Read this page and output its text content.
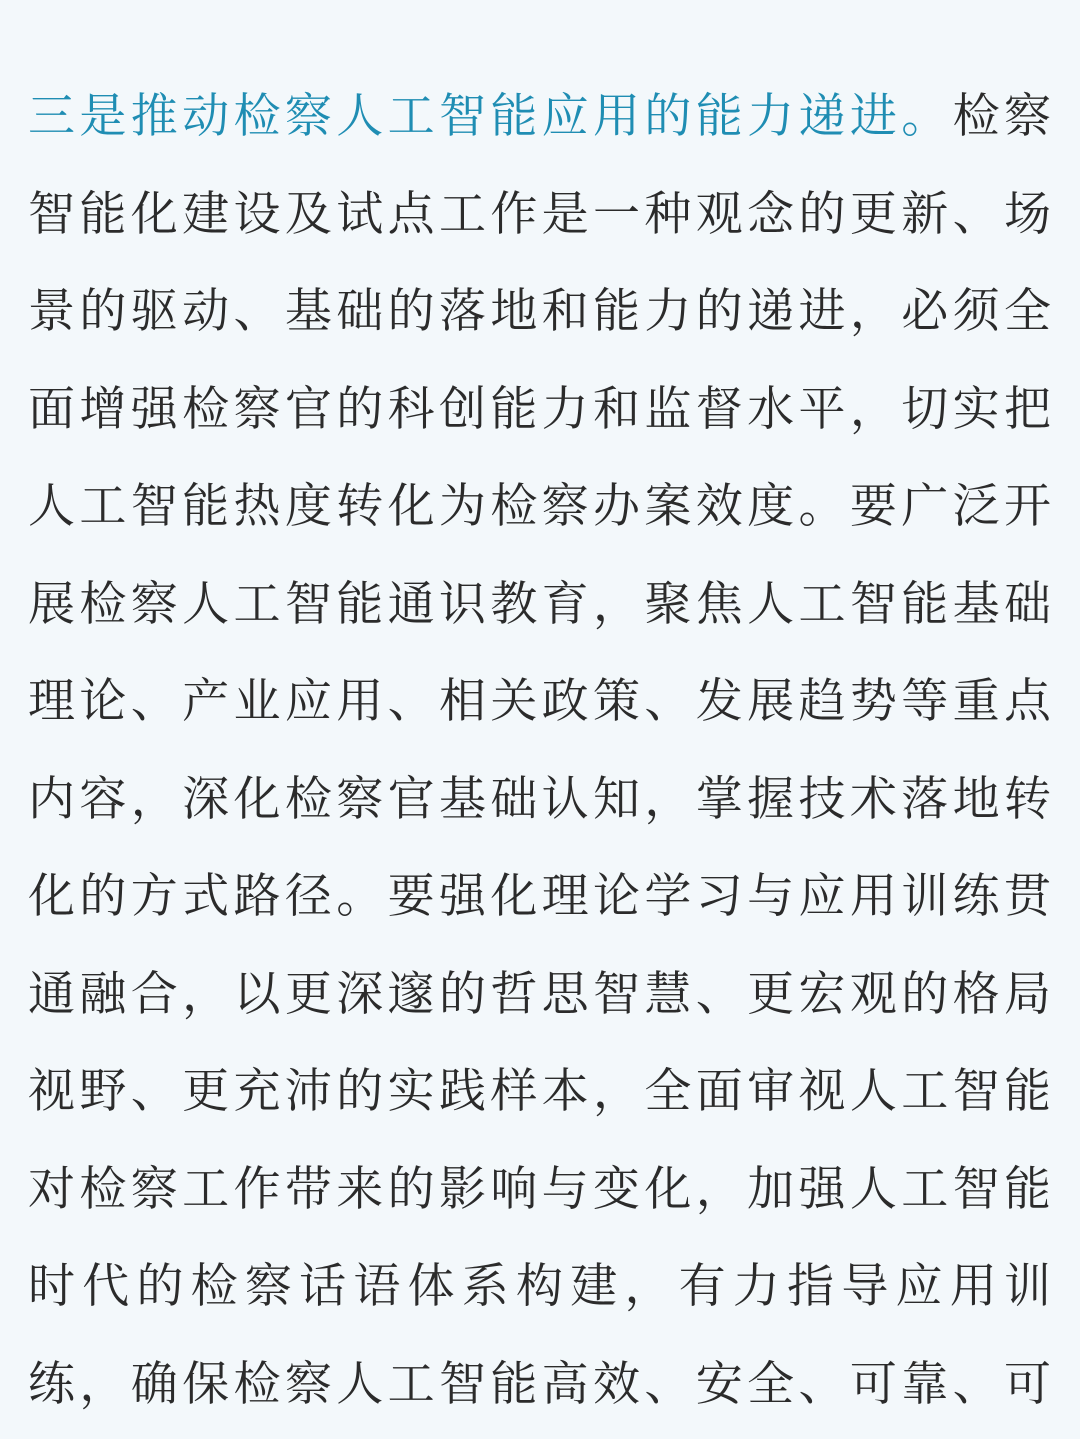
三是推动检察人工智能应用的能力递进。检察
智能化建设及试点工作是一种观念的更新、场
景的驱动、基础的落地和能力的递进，必须全
面增强检察官的科创能力和监督水平，切实把
人工智能热度转化为检察办案效度。要广泛开
展检察人工智能通识教育，聚焦人工智能基础
理论、产业应用、相关政策、发展趋势等重点
内容，深化检察官基础认知，掌握技术落地转
化的方式路径。要强化理论学习与应用训练贯
通融合，以更深邃的哲思智慧、更宏观的格局
视野、更充沛的实践样本，全面审视人工智能
对检察工作带来的影响与变化，加强人工智能
时代的检察话语体系构建，有力指导应用训
练，确保检察人工智能高效、安全、可靠、可
